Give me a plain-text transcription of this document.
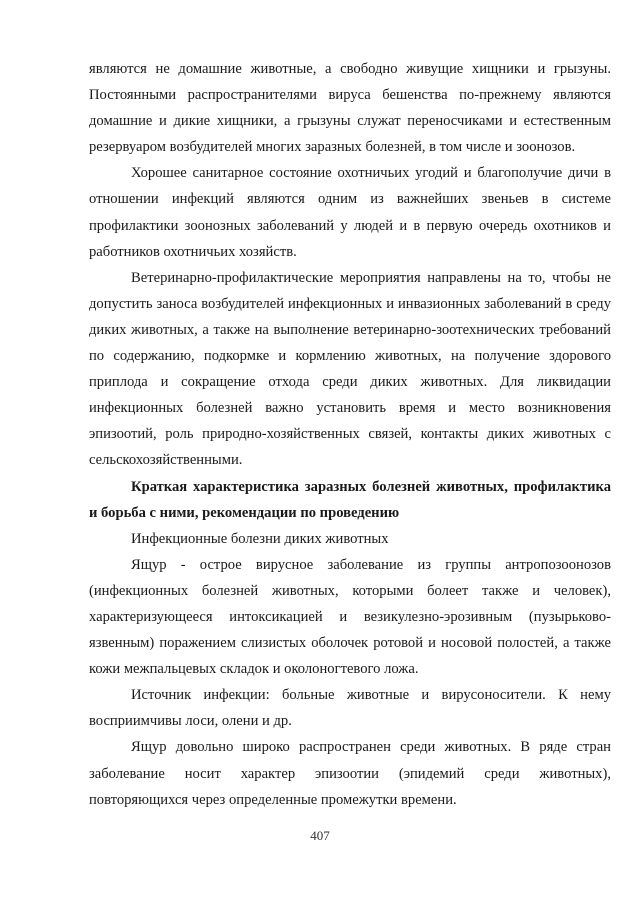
являются не домашние животные, а свободно живущие хищники и грызуны. Постоянными распространителями вируса бешенства по-прежнему являются домашние и дикие хищники, а грызуны служат переносчиками и естественным резервуаром возбудителей многих заразных болезней, в том числе и зоонозов.

Хорошее санитарное состояние охотничьих угодий и благополучие дичи в отношении инфекций являются одним из важнейших звеньев в системе профилактики зоонозных заболеваний у людей и в первую очередь охотников и работников охотничьих хозяйств.

Ветеринарно-профилактические мероприятия направлены на то, чтобы не допустить заноса возбудителей инфекционных и инвазионных заболеваний в среду диких животных, а также на выполнение ветеринарно-зоотехнических требований по содержанию, подкормке и кормлению животных, на получение здорового приплода и сокращение отхода среди диких животных. Для ликвидации инфекционных болезней важно установить время и место возникновения эпизоотий, роль природно-хозяйственных связей, контакты диких животных с сельскохозяйственными.

Краткая характеристика заразных болезней животных, профилактика и борьба с ними, рекомендации по проведению

Инфекционные болезни диких животных

Ящур - острое вирусное заболевание из группы антропозоонозов (инфекционных болезней животных, которыми болеет также и человек), характеризующееся интоксикацией и везикулезно-эрозивным (пузырьково-язвенным) поражением слизистых оболочек ротовой и носовой полостей, а также кожи межпальцевых складок и околоногтевого ложа.

Источник инфекции: больные животные и вирусоносители. К нему восприимчивы лоси, олени и др.

Ящур довольно широко распространен среди животных. В ряде стран заболевание носит характер эпизоотии (эпидемий среди животных), повторяющихся через определенные промежутки времени.

407
